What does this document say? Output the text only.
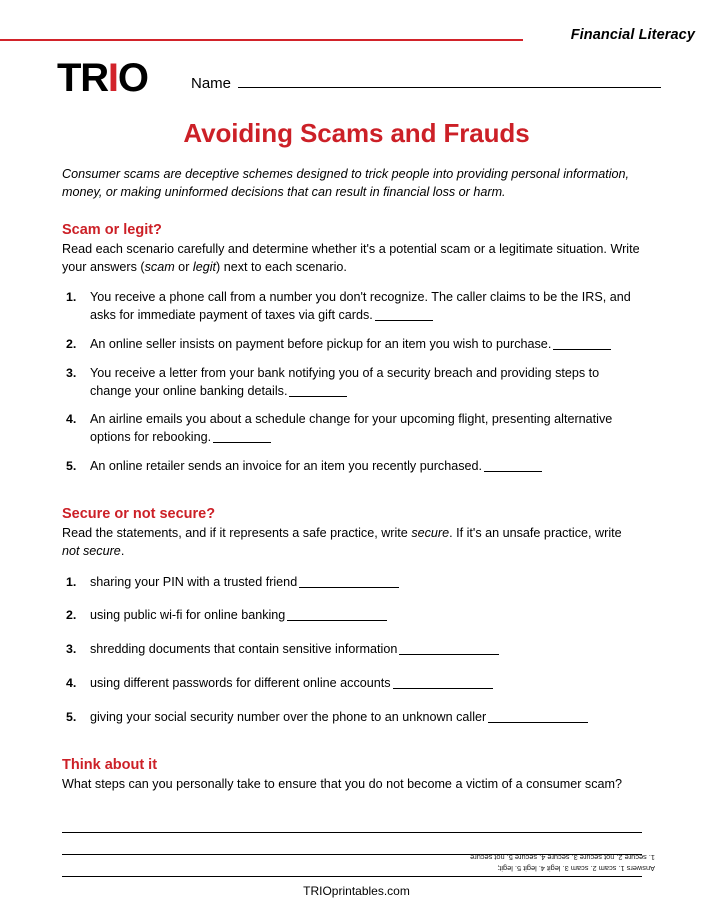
Financial Literacy
TRIO	Name
Avoiding Scams and Frauds

Consumer scams are deceptive schemes designed to trick people into providing personal information, money, or making uninformed decisions that can result in financial loss or harm.

Scam or legit?

Read each scenario carefully and determine whether it's a potential scam or a legitimate situation. Write your answers (scam or legit) next to each scenario.

1. You receive a phone call from a number you don't recognize. The caller claims to be the IRS, and asks for immediate payment of taxes via gift cards.
2. An online seller insists on payment before pickup for an item you wish to purchase.
3. You receive a letter from your bank notifying you of a security breach and providing steps to change your online banking details.
4. An airline emails you about a schedule change for your upcoming flight, presenting alternative options for rebooking.
5. An online retailer sends an invoice for an item you recently purchased.
Secure or not secure?

Read the statements, and if it represents a safe practice, write secure. If it's an unsafe practice, write not secure.

1. sharing your PIN with a trusted friend
2. using public wi-fi for online banking
3. shredding documents that contain sensitive information
4. using different passwords for different online accounts
5. giving your social security number over the phone to an unknown caller
Think about it

What steps can you personally take to ensure that you do not become a victim of a consumer scam?

Answers 1. scam 2. scam 3. legit 4. legit 5. legit;
1. secure 2. not secure 3. secure 4. secure 5. not secure
TRIOprintables.com
